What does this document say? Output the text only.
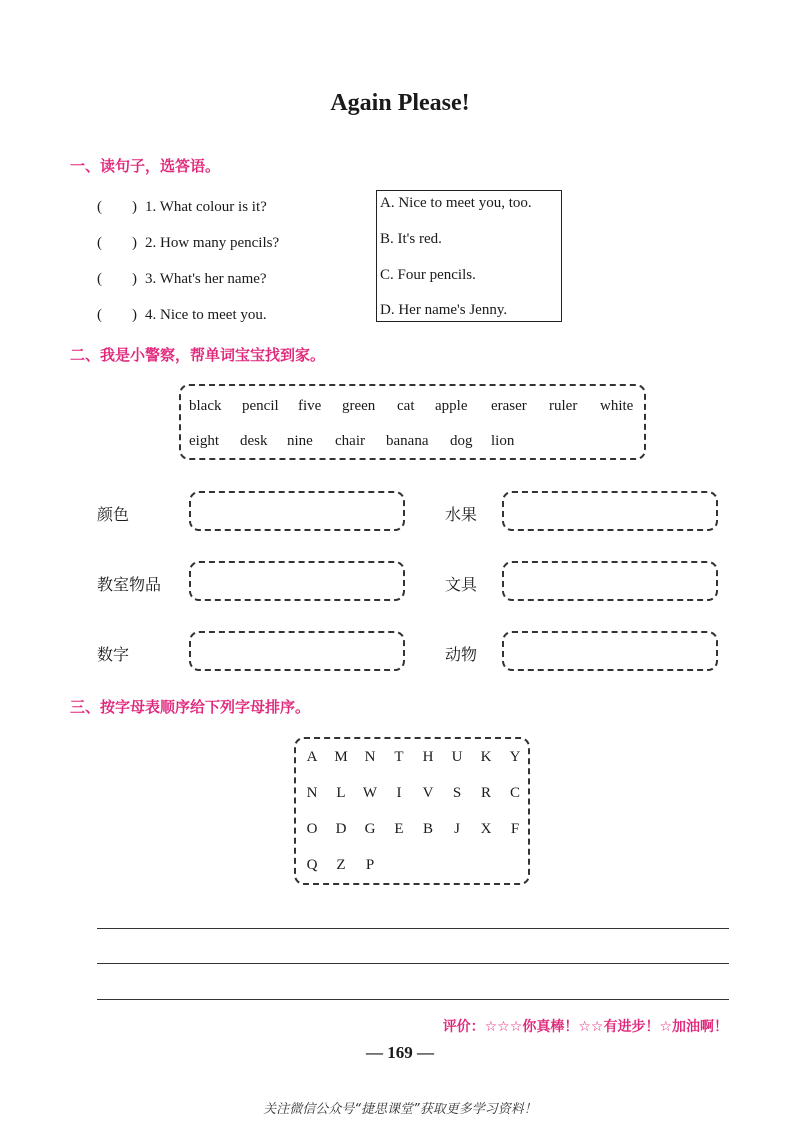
Again Please!
一、读句子，选答语。
(　　) 1. What colour is it?
(　　) 2. How many pencils?
(　　) 3. What's her name?
(　　) 4. Nice to meet you.
A. Nice to meet you, too.
B. It's red.
C. Four pencils.
D. Her name's Jenny.
二、我是小警察，帮单词宝宝找到家。
black pencil five green cat apple eraser ruler white
eight desk nine chair banana dog lion
颜色	水果
教室物品	文具
数字	动物
三、按字母表顺序给下列字母排序。
A M N T H U K Y
N L W	I	V	S	R C
O D G E B	J	X	F
Q Z	P
评价：☆☆☆你真棒！☆☆有进步！☆加油啊！
— 169 —
关注微信公众号“捷思课堂”获取更多学习资料！
